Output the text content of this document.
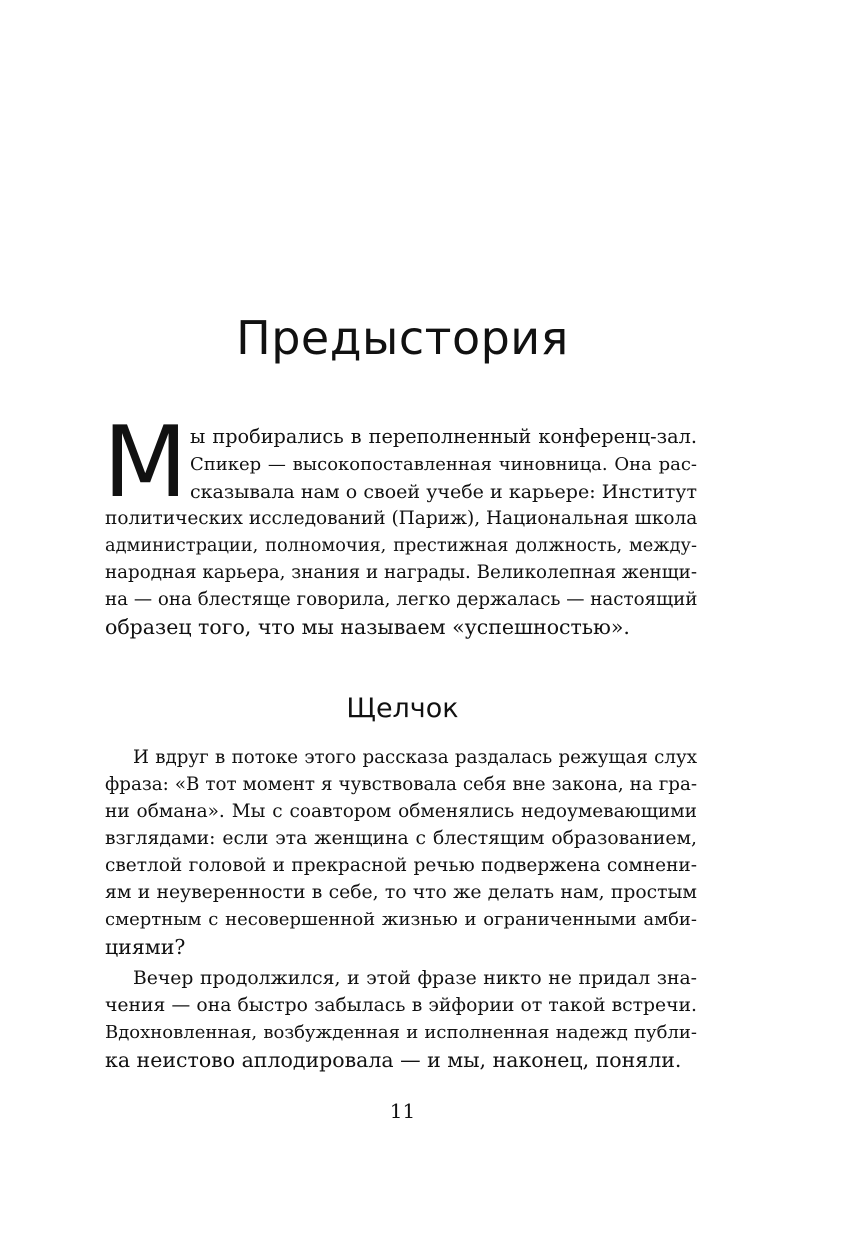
Предыстория
М ы пробирались в переполненный конференц-зал.

Спикер — высокопоставленная чиновница. Она рас-

сказывала нам о своей учебе и карьере: Институт

политических исследований (Париж), Национальная школа

администрации, полномочия, престижная должность, между-

народная карьера, знания и награды. Великолепная женщи-

на — она блестяще говорила, легко держалась — настоящий

образец того, что мы называем «успешностью».

Щелчок

И вдруг в потоке этого рассказа раздалась режущая слух

фраза: «В тот момент я чувствовала себя вне закона, на гра-

ни обмана». Мы с соавтором обменялись недоумевающими

взглядами: если эта женщина с блестящим образованием,

светлой головой и прекрасной речью подвержена сомнени-

ям и неуверенности в себе, то что же делать нам, простым

смертным с несовершенной жизнью и ограниченными амби-

циями?

Вечер продолжился, и этой фразе никто не придал зна-

чения — она быстро забылась в эйфории от такой встречи.

Вдохновленная, возбужденная и исполненная надежд публи-

ка неистово аплодировала — и мы, наконец, поняли.

11
